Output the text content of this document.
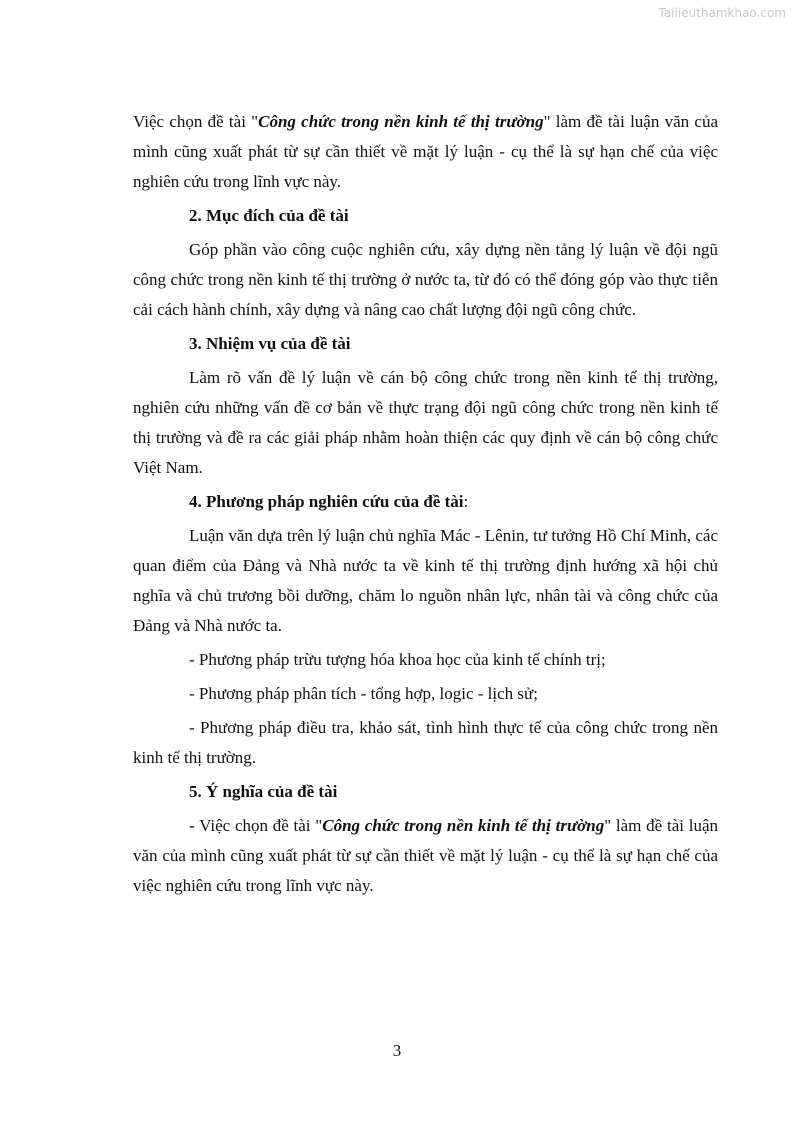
Tailieuthamkhao.com

Việc chọn đề tài "Công chức trong nền kinh tế thị trường" làm đề tài luận văn của mình cũng xuất phát từ sự cần thiết về mặt lý luận - cụ thể là sự hạn chế của việc nghiên cứu trong lĩnh vực này.

2. Mục đích của đề tài

Góp phần vào công cuộc nghiên cứu, xây dựng nền tảng lý luận về đội ngũ công chức trong nền kinh tế thị trường ở nước ta, từ đó có thể đóng góp vào thực tiễn cải cách hành chính, xây dựng và nâng cao chất lượng đội ngũ công chức.

3. Nhiệm vụ của đề tài

Làm rõ vấn đề lý luận về cán bộ công chức trong nền kinh tế thị trường, nghiên cứu những vấn đề cơ bản về thực trạng đội ngũ công chức trong nền kinh tế thị trường và đề ra các giải pháp nhằm hoàn thiện các quy định về cán bộ công chức Việt Nam.

4. Phương pháp nghiên cứu của đề tài:

Luận văn dựa trên lý luận chủ nghĩa Mác - Lênin, tư tưởng Hồ Chí Minh, các quan điểm của Đảng và Nhà nước ta về kinh tế thị trường định hướng xã hội chủ nghĩa và chủ trương bồi dưỡng, chăm lo nguồn nhân lực, nhân tài và công chức của Đảng và Nhà nước ta.

- Phương pháp trừu tượng hóa khoa học của kinh tế chính trị;

- Phương pháp phân tích - tổng hợp, logic - lịch sử;

- Phương pháp điều tra, khảo sát, tình hình thực tế của công chức trong nền kinh tế thị trường.

5. Ý nghĩa của đề tài

- Việc chọn đề tài "Công chức trong nền kinh tế thị trường" làm đề tài luận văn của mình cũng xuất phát từ sự cần thiết về mặt lý luận - cụ thể là sự hạn chế của việc nghiên cứu trong lĩnh vực này.

3
